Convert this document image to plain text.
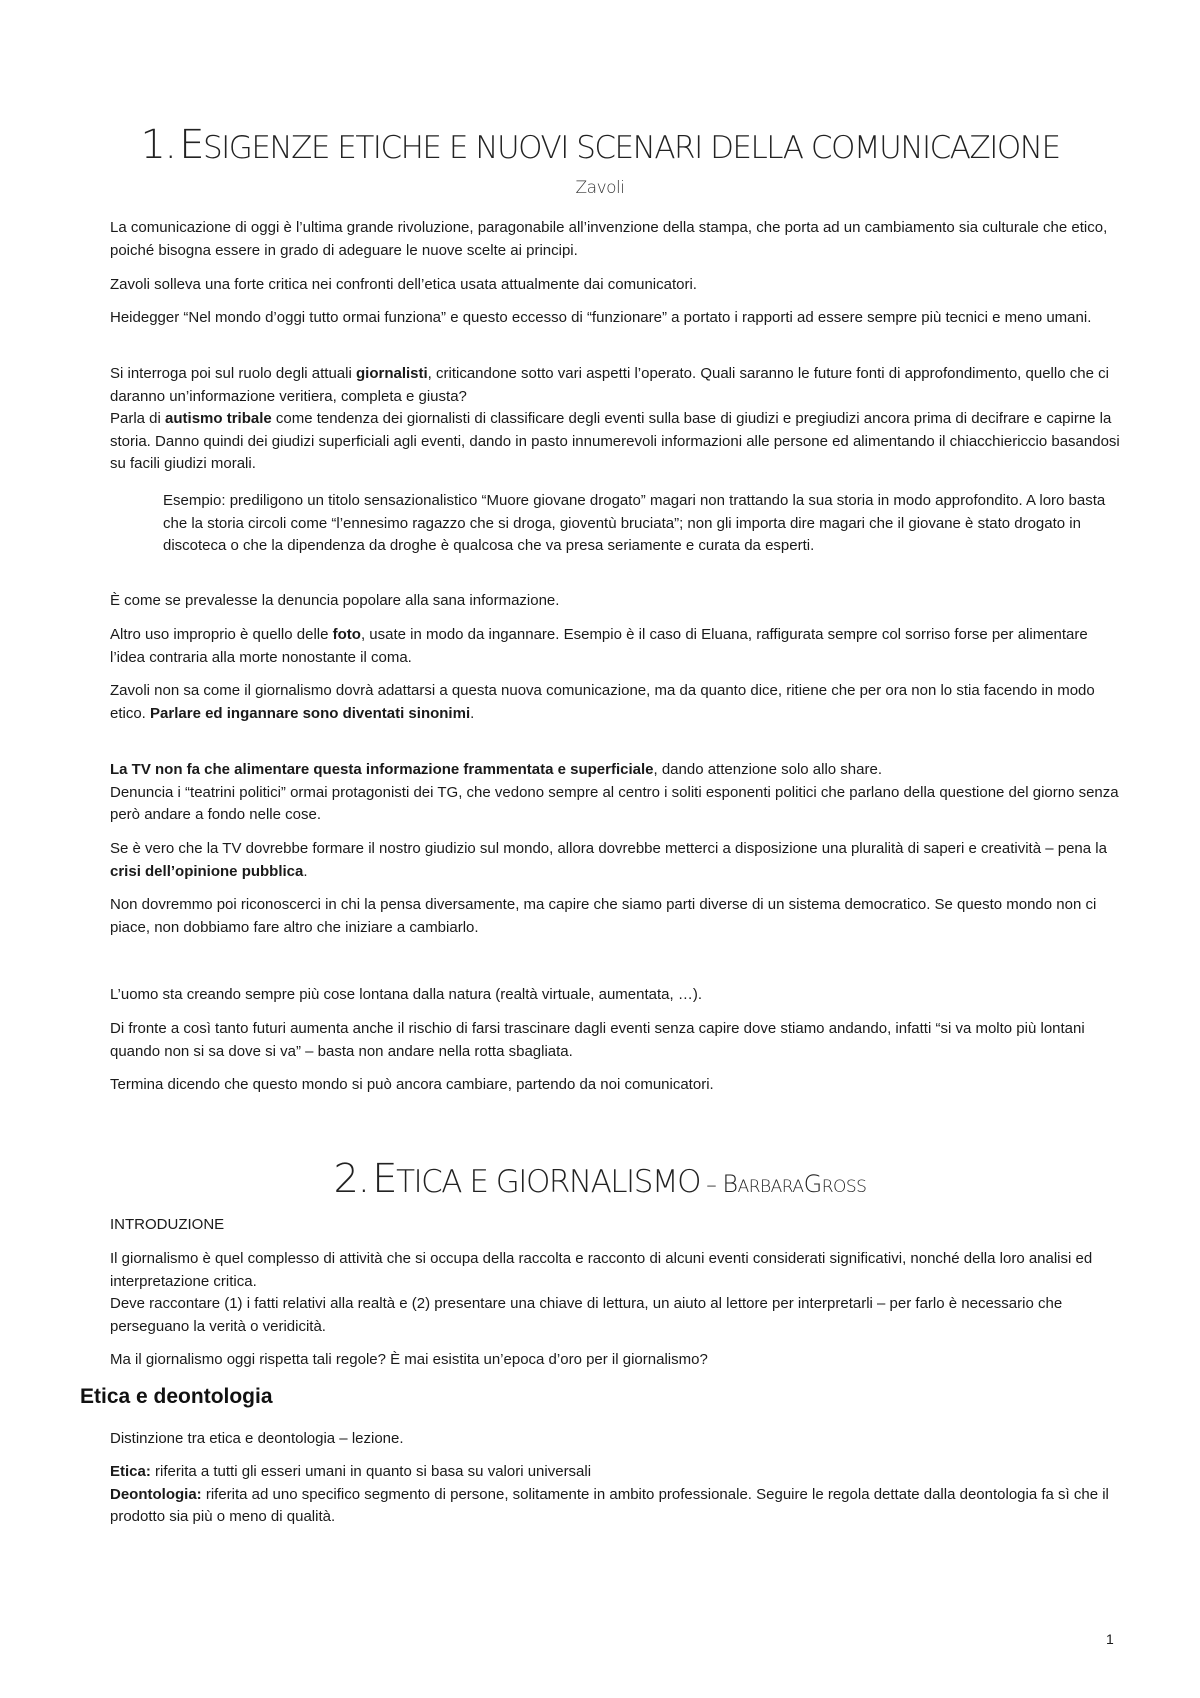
1. ESIGENZE ETICHE E NUOVI SCENARI DELLA COMUNICAZIONE
Zavoli
La comunicazione di oggi è l’ultima grande rivoluzione, paragonabile all’invenzione della stampa, che porta ad un cambiamento sia culturale che etico, poiché bisogna essere in grado di adeguare le nuove scelte ai principi.
Zavoli solleva una forte critica nei confronti dell’etica usata attualmente dai comunicatori.
Heidegger “Nel mondo d’oggi tutto ormai funziona” e questo eccesso di “funzionare” a portato i rapporti ad essere sempre più tecnici e meno umani.
Si interroga poi sul ruolo degli attuali giornalisti, criticandone sotto vari aspetti l’operato. Quali saranno le future fonti di approfondimento, quello che ci daranno un’informazione veritiera, completa e giusta?
Parla di autismo tribale come tendenza dei giornalisti di classificare degli eventi sulla base di giudizi e pregiudizi ancora prima di decifrare e capirne la storia. Danno quindi dei giudizi superficiali agli eventi, dando in pasto innumerevoli informazioni alle persone ed alimentando il chiacchiericcio basandosi su facili giudizi morali.
Esempio: prediligono un titolo sensazionalistico “Muore giovane drogato” magari non trattando la sua storia in modo approfondito. A loro basta che la storia circoli come “l’ennesimo ragazzo che si droga, gioventù bruciata”; non gli importa dire magari che il giovane è stato drogato in discoteca o che la dipendenza da droghe è qualcosa che va presa seriamente e curata da esperti.
È come se prevalesse la denuncia popolare alla sana informazione.
Altro uso improprio è quello delle foto, usate in modo da ingannare. Esempio è il caso di Eluana, raffigurata sempre col sorriso forse per alimentare l’idea contraria alla morte nonostante il coma.
Zavoli non sa come il giornalismo dovrà adattarsi a questa nuova comunicazione, ma da quanto dice, ritiene che per ora non lo stia facendo in modo etico. Parlare ed ingannare sono diventati sinonimi.
La TV non fa che alimentare questa informazione frammentata e superficiale, dando attenzione solo allo share.
Denuncia i “teatrini politici” ormai protagonisti dei TG, che vedono sempre al centro i soliti esponenti politici che parlano della questione del giorno senza però andare a fondo nelle cose.
Se è vero che la TV dovrebbe formare il nostro giudizio sul mondo, allora dovrebbe metterci a disposizione una pluralità di saperi e creatività – pena la crisi dell’opinione pubblica.
Non dovremmo poi riconoscerci in chi la pensa diversamente, ma capire che siamo parti diverse di un sistema democratico. Se questo mondo non ci piace, non dobbiamo fare altro che iniziare a cambiarlo.
L’uomo sta creando sempre più cose lontana dalla natura (realtà virtuale, aumentata, …).
Di fronte a così tanto futuri aumenta anche il rischio di farsi trascinare dagli eventi senza capire dove stiamo andando, infatti “si va molto più lontani quando non si sa dove si va” – basta non andare nella rotta sbagliata.
Termina dicendo che questo mondo si può ancora cambiare, partendo da noi comunicatori.
2. ETICA E GIORNALISMO – BARBARAGROSS
INTRODUZIONE
Il giornalismo è quel complesso di attività che si occupa della raccolta e racconto di alcuni eventi considerati significativi, nonché della loro analisi ed interpretazione critica.
Deve raccontare (1) i fatti relativi alla realtà e (2) presentare una chiave di lettura, un aiuto al lettore per interpretarli – per farlo è necessario che perseguano la verità o veridicità.
Ma il giornalismo oggi rispetta tali regole? È mai esistita un’epoca d’oro per il giornalismo?
Etica e deontologia
Distinzione tra etica e deontologia – lezione.
Etica: riferita a tutti gli esseri umani in quanto si basa su valori universali
Deontologia: riferita ad uno specifico segmento di persone, solitamente in ambito professionale. Seguire le regola dettate dalla deontologia fa sì che il prodotto sia più o meno di qualità.
1
